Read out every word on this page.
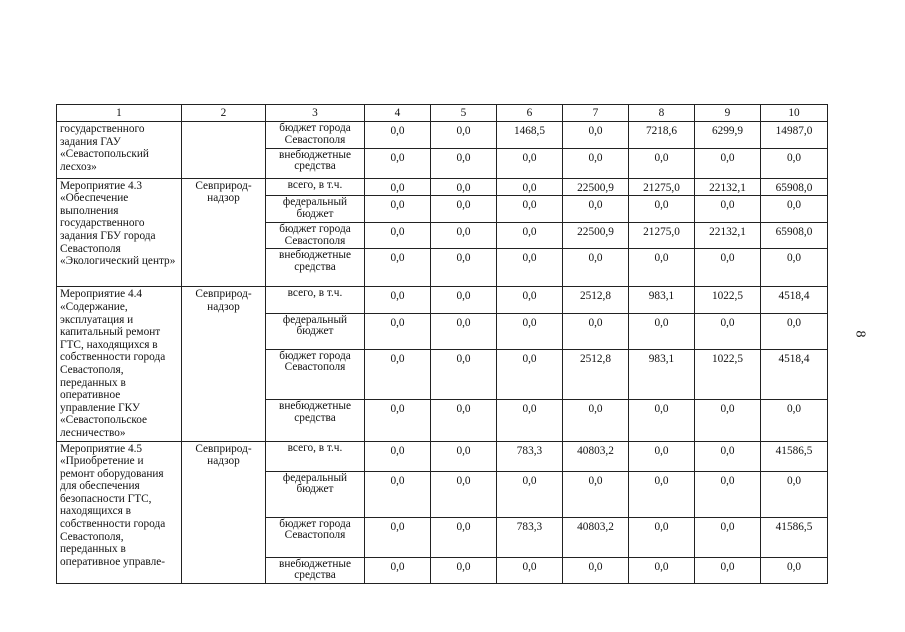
1	2	3	4	5	6	7	8	9	10
государственного задания ГАУ «Севастопольский лесхоз»		бюджет города Севастополя	0,0	0,0	1468,5	0,0	7218,6	6299,9	14987,0
		внебюджетные средства	0,0	0,0	0,0	0,0	0,0	0,0	0,0
Мероприятие 4.3 «Обеспечение выполнения государственного задания ГБУ города Севастополя «Экологический центр»	Севприрод-надзор	всего, в т.ч.	0,0	0,0	0,0	22500,9	21275,0	22132,1	65908,0
		федеральный бюджет	0,0	0,0	0,0	0,0	0,0	0,0	0,0
		бюджет города Севастополя	0,0	0,0	0,0	22500,9	21275,0	22132,1	65908,0
		внебюджетные средства	0,0	0,0	0,0	0,0	0,0	0,0	0,0
Мероприятие 4.4 «Содержание, эксплуатация и капитальный ремонт ГТС, находящихся в собственности города Севастополя, переданных в оперативное управление ГКУ «Севастопольское лесничество»	Севприрод-надзор	всего, в т.ч.	0,0	0,0	0,0	2512,8	983,1	1022,5	4518,4
		федеральный бюджет	0,0	0,0	0,0	0,0	0,0	0,0	0,0
		бюджет города Севастополя	0,0	0,0	0,0	2512,8	983,1	1022,5	4518,4
		внебюджетные средства	0,0	0,0	0,0	0,0	0,0	0,0	0,0
Мероприятие 4.5 «Приобретение и ремонт оборудования для обеспечения безопасности ГТС, находящихся в собственности города Севастополя, переданных в оперативное управле-	Севприрод-надзор	всего, в т.ч.	0,0	0,0	783,3	40803,2	0,0	0,0	41586,5
		федеральный бюджет	0,0	0,0	0,0	0,0	0,0	0,0	0,0
		бюджет города Севастополя	0,0	0,0	783,3	40803,2	0,0	0,0	41586,5
		внебюджетные средства	0,0	0,0	0,0	0,0	0,0	0,0	0,0
8
